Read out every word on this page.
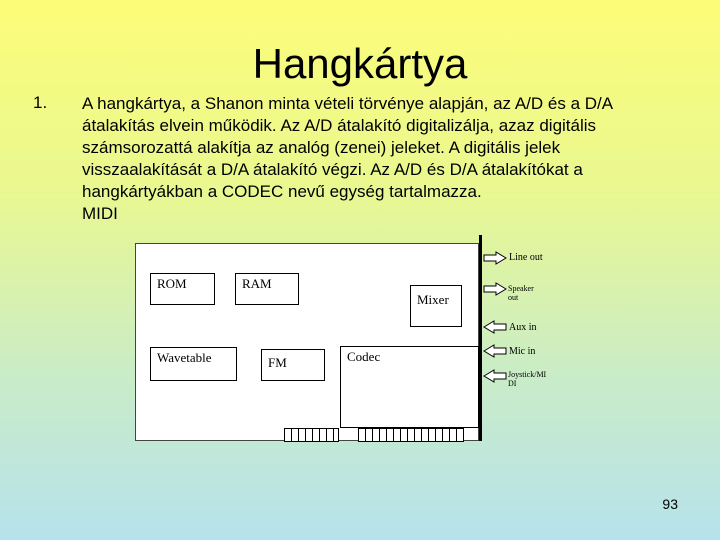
Hangkártya
1. A hangkártya, a Shanon minta vételi törvénye alapján, az A/D és a D/A
átalakítás elvein működik. Az A/D átalakító digitalizálja, azaz digitális
számsorozattá alakítja az analóg (zenei) jeleket. A digitális jelek
visszaalakítását a D/A átalakító végzi. Az A/D és D/A átalakítókat a
hangkártyákban a CODEC nevű egység tartalmazza.
MIDI
ROM	RAM
Mixer
Wavetable	FM	Codec
Line out
Speaker
out
Aux in
Mic in
Joystick/MI
DI
93
